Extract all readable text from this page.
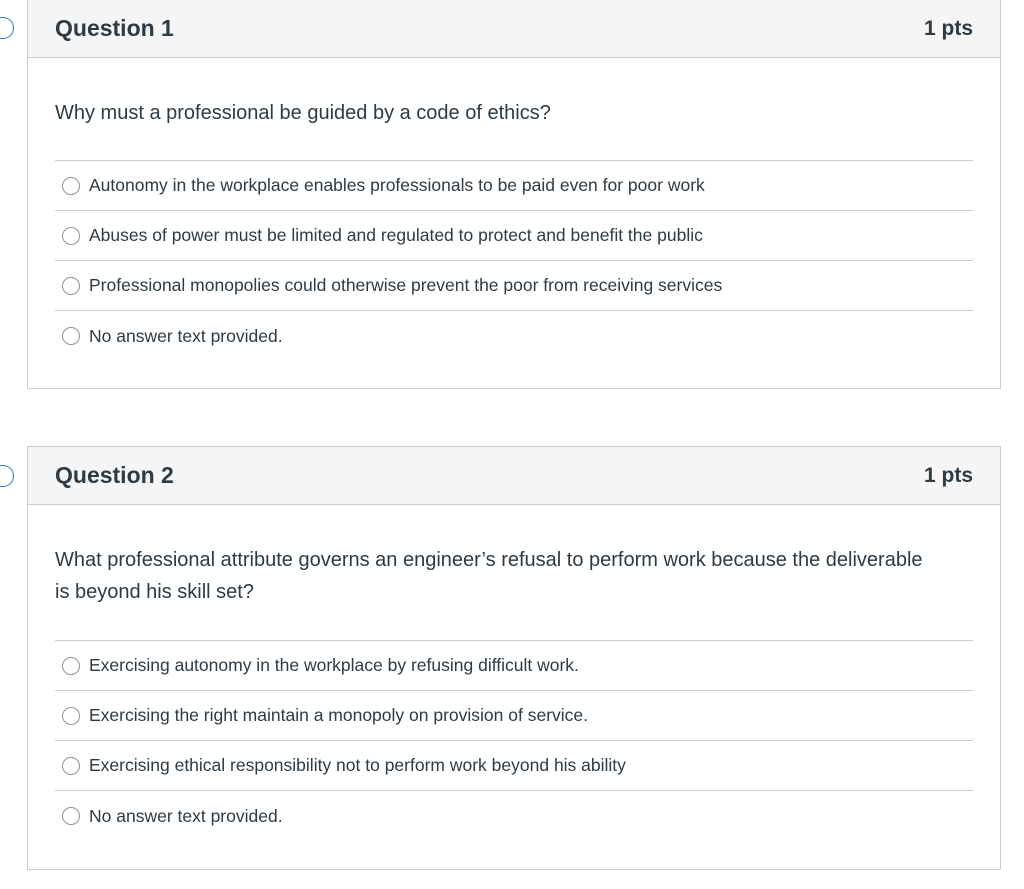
Question 1	1 pts
Why must a professional be guided by a code of ethics?
Autonomy in the workplace enables professionals to be paid even for poor work
Abuses of power must be limited and regulated to protect and benefit the public
Professional monopolies could otherwise prevent the poor from receiving services
No answer text provided.
Question 2	1 pts
What professional attribute governs an engineer’s refusal to perform work because the deliverable
is beyond his skill set?
Exercising autonomy in the workplace by refusing difficult work.
Exercising the right maintain a monopoly on provision of service.
Exercising ethical responsibility not to perform work beyond his ability
No answer text provided.
